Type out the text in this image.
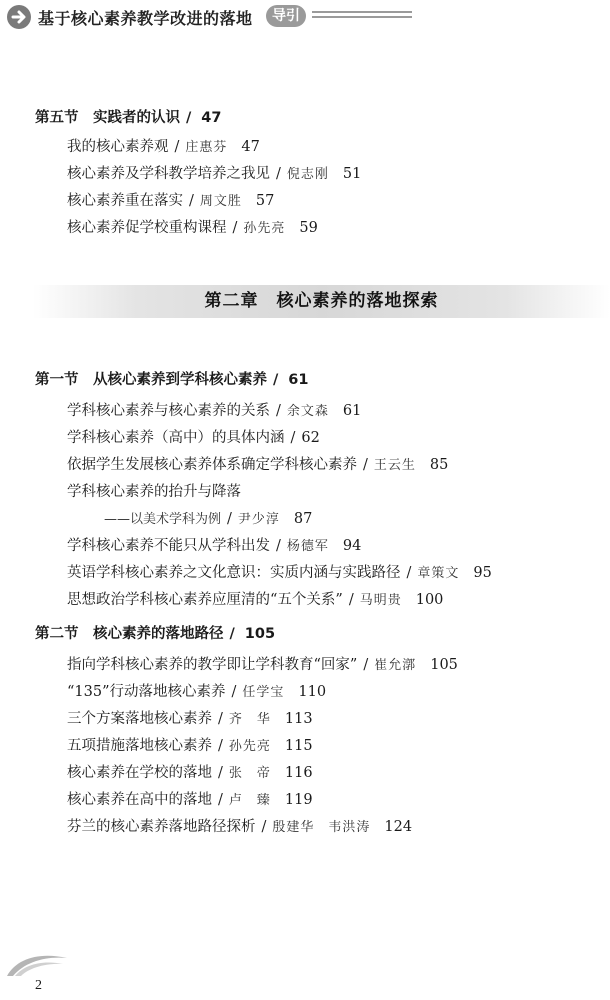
基于核心素养教学改进的落地	导引
第五节　实践者的认识 / 47
我的核心素养观 / 庄惠芬 47
核心素养及学科教学培养之我见 / 倪志刚 51
核心素养重在落实 / 周文胜 57
核心素养促学校重构课程 / 孙先亮 59
第二章 核心素养的落地探索
第一节　从核心素养到学科核心素养 / 61
学科核心素养与核心素养的关系 / 余文森 61
学科核心素养（高中）的具体内涵 / 62
依据学生发展核心素养体系确定学科核心素养 / 王云生 85
学科核心素养的抬升与降落
——以美术学科为例 / 尹少淳 87
学科核心素养不能只从学科出发 / 杨德军 94
英语学科核心素养之文化意识：实质内涵与实践路径 / 章策文 95
思想政治学科核心素养应厘清的“五个关系” / 马明贵 100
第二节　核心素养的落地路径 / 105
指向学科核心素养的教学即让学科教育“回家” / 崔允漷 105
“135”行动落地核心素养 / 任学宝 110
三个方案落地核心素养 / 齐　华 113
五项措施落地核心素养 / 孙先亮 115
核心素养在学校的落地 / 张　帝 116
核心素养在高中的落地 / 卢　臻 119
芬兰的核心素养落地路径探析 / 殷建华　韦洪涛 124
2
